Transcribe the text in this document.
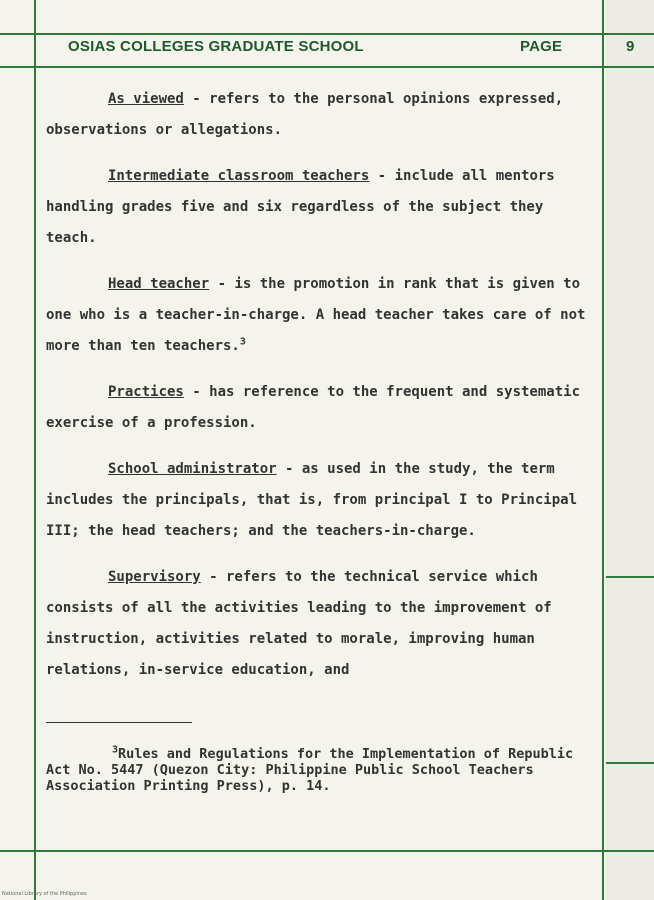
OSIAS COLLEGES GRADUATE SCHOOL	PAGE	9

As viewed - refers to the personal opinions expressed, observations or allegations.

Intermediate classroom teachers - include all mentors handling grades five and six regardless of the subject they teach.

Head teacher - is the promotion in rank that is given to one who is a teacher-in-charge. A head teacher takes care of not more than ten teachers.$^3$

Practices - has reference to the frequent and systematic exercise of a profession.

School administrator - as used in the study, the term includes the principals, that is, from principal I to Principal III; the head teachers; and the teachers-in-charge.

Supervisory - refers to the technical service which consists of all the activities leading to the improvement of instruction, activities related to morale, improving human relations, in-service education, and

$^3$Rules and Regulations for the Implementation of Republic Act No. 5447 (Quezon City: Philippine Public School Teachers Association Printing Press), p. 14.
National Library of the Philippines
